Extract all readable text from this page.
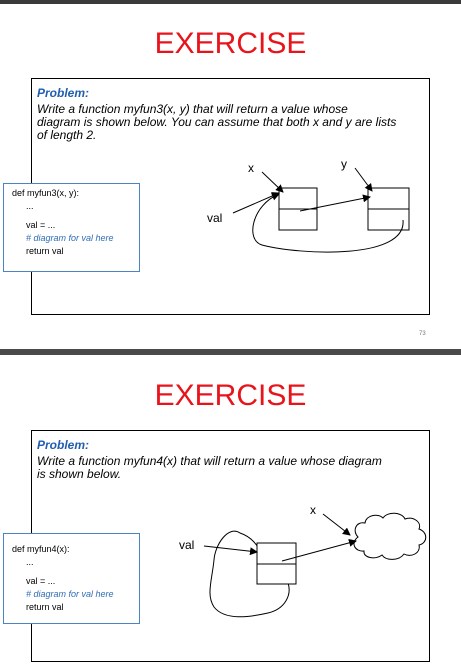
EXERCISE
Problem:
Write a function myfun3(x, y) that will return a value whose
diagram is shown below. You can assume that both x and y are lists
of length 2.
def myfun3(x, y):
...
val = ...
# diagram for val here
return val
x	y
val
73
EXERCISE
Problem:
Write a function myfun4(x) that will return a value whose diagram
is shown below.
def myfun4(x):
...
val = ...
# diagram for val here
return val
x
val
